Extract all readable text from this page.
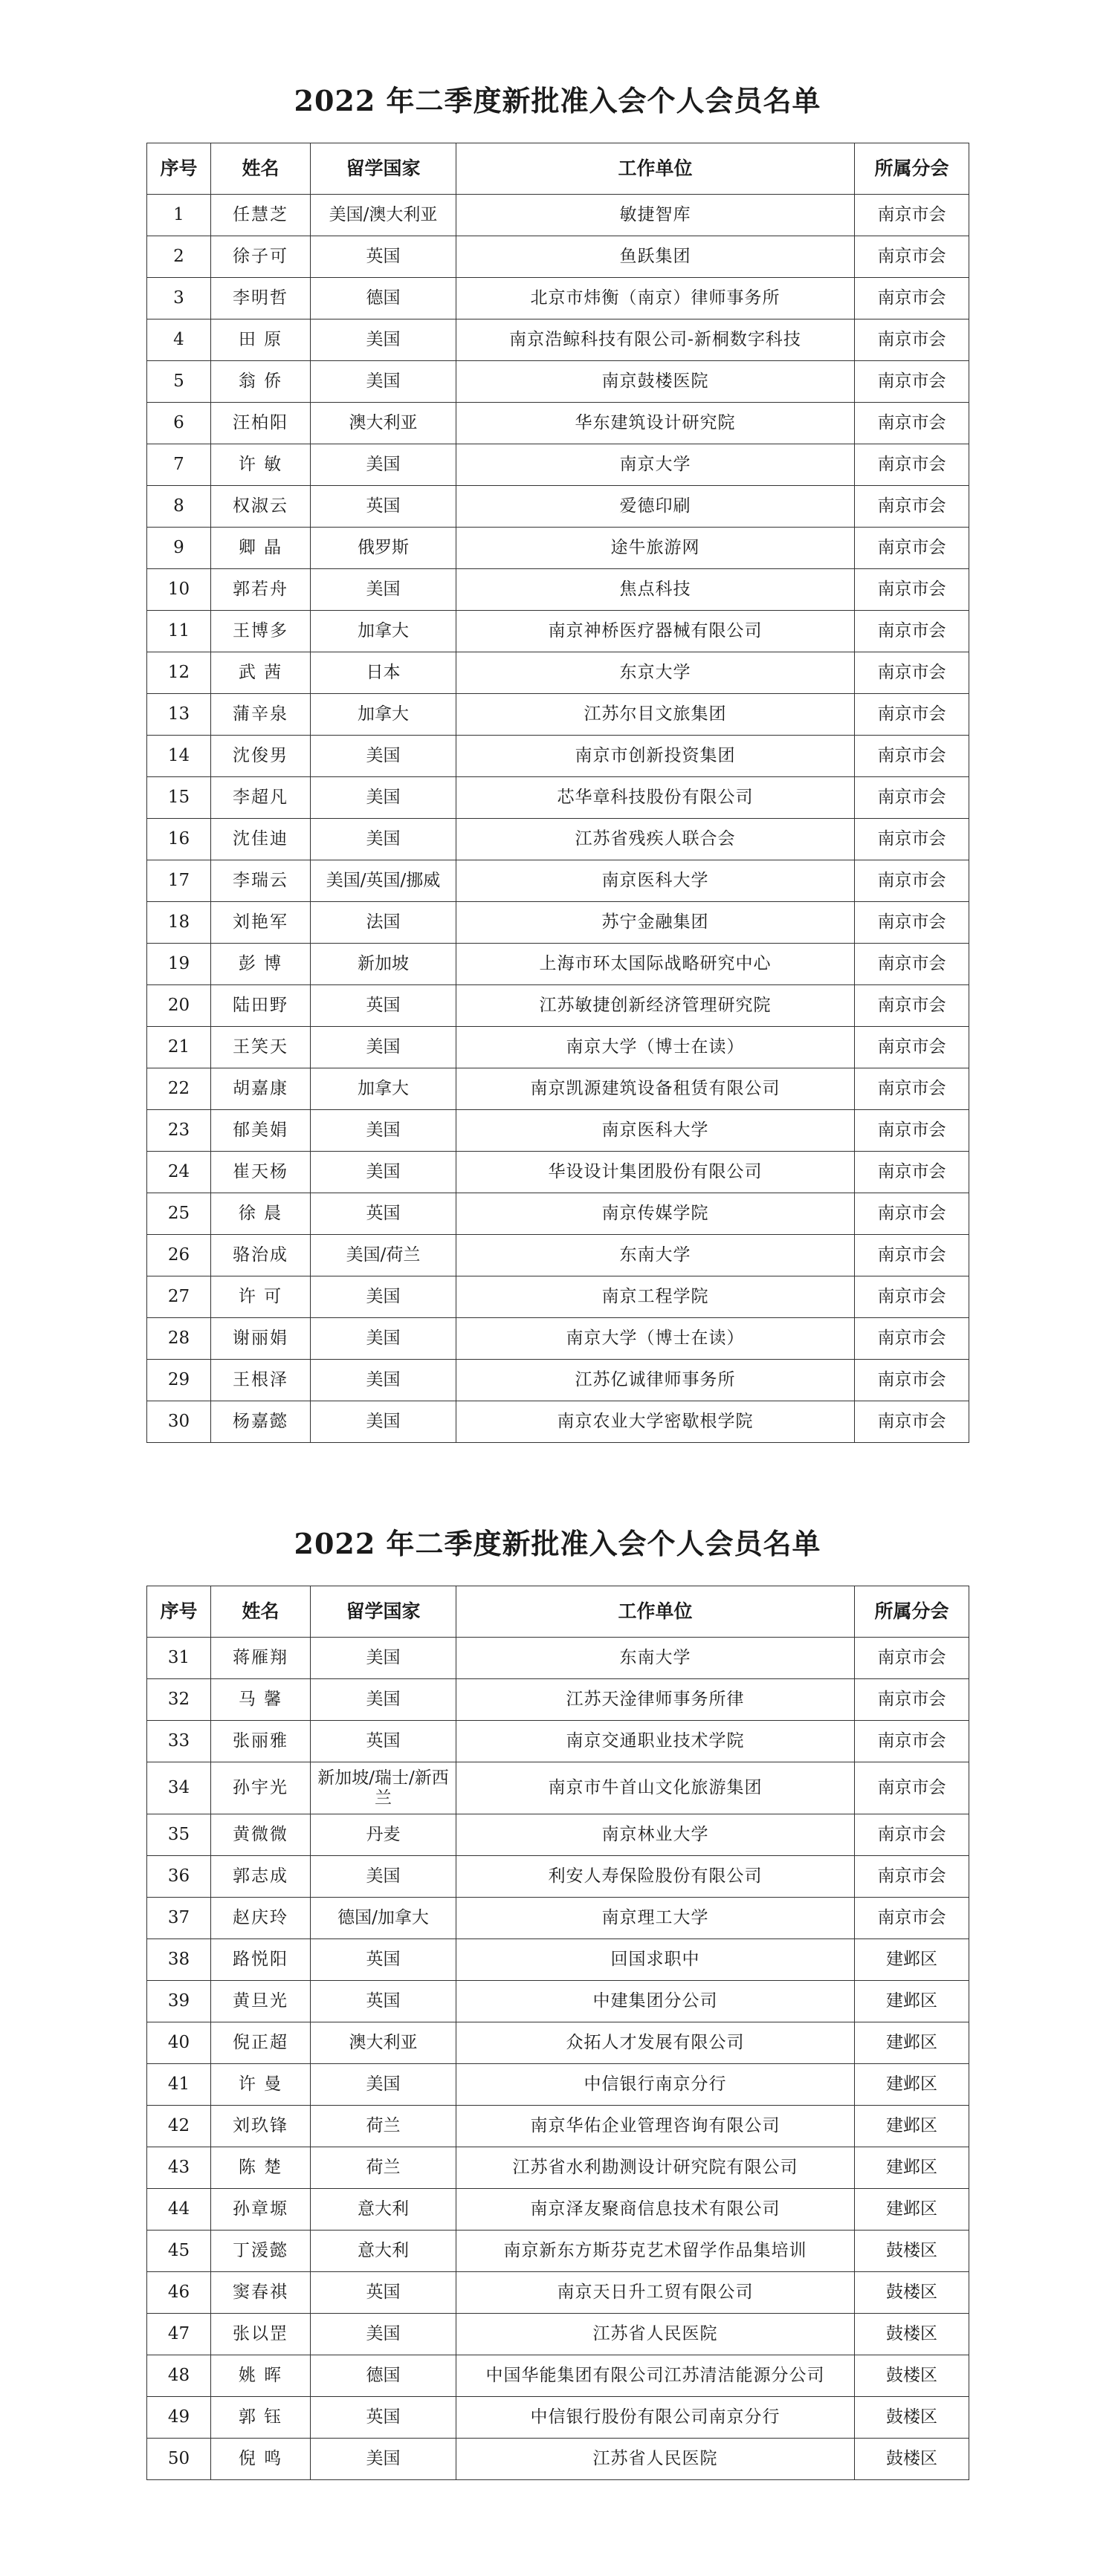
2022 年二季度新批准入会个人会员名单
序号	姓名	留学国家	工作单位	所属分会
1	任慧芝	美国/澳大利亚	敏捷智库	南京市会
2	徐子可	英国	鱼跃集团	南京市会
3	李明哲	德国	北京市炜衡（南京）律师事务所	南京市会
4	田 原	美国	南京浩鲸科技有限公司-新桐数字科技	南京市会
5	翁 侨	美国	南京鼓楼医院	南京市会
6	汪柏阳	澳大利亚	华东建筑设计研究院	南京市会
7	许 敏	美国	南京大学	南京市会
8	权淑云	英国	爱德印刷	南京市会
9	卿 晶	俄罗斯	途牛旅游网	南京市会
10	郭若舟	美国	焦点科技	南京市会
11	王博多	加拿大	南京神桥医疗器械有限公司	南京市会
12	武 茜	日本	东京大学	南京市会
13	蒲辛泉	加拿大	江苏尔目文旅集团	南京市会
14	沈俊男	美国	南京市创新投资集团	南京市会
15	李超凡	美国	芯华章科技股份有限公司	南京市会
16	沈佳迪	美国	江苏省残疾人联合会	南京市会
17	李瑞云	美国/英国/挪威	南京医科大学	南京市会
18	刘艳军	法国	苏宁金融集团	南京市会
19	彭 博	新加坡	上海市环太国际战略研究中心	南京市会
20	陆田野	英国	江苏敏捷创新经济管理研究院	南京市会
21	王笑天	美国	南京大学（博士在读）	南京市会
22	胡嘉康	加拿大	南京凯源建筑设备租赁有限公司	南京市会
23	郁美娟	美国	南京医科大学	南京市会
24	崔天杨	美国	华设设计集团股份有限公司	南京市会
25	徐 晨	英国	南京传媒学院	南京市会
26	骆治成	美国/荷兰	东南大学	南京市会
27	许 可	美国	南京工程学院	南京市会
28	谢丽娟	美国	南京大学（博士在读）	南京市会
29	王根泽	美国	江苏亿诚律师事务所	南京市会
30	杨嘉懿	美国	南京农业大学密歇根学院	南京市会
2022 年二季度新批准入会个人会员名单
序号	姓名	留学国家	工作单位	所属分会
31	蒋雁翔	美国	东南大学	南京市会
32	马 馨	美国	江苏天淦律师事务所律	南京市会
33	张丽雅	英国	南京交通职业技术学院	南京市会
34	孙宇光	新加坡/瑞士/新西兰	南京市牛首山文化旅游集团	南京市会
35	黄微微	丹麦	南京林业大学	南京市会
36	郭志成	美国	利安人寿保险股份有限公司	南京市会
37	赵庆玲	德国/加拿大	南京理工大学	南京市会
38	路悦阳	英国	回国求职中	建邺区
39	黄旦光	英国	中建集团分公司	建邺区
40	倪正超	澳大利亚	众拓人才发展有限公司	建邺区
41	许 曼	美国	中信银行南京分行	建邺区
42	刘玖锋	荷兰	南京华佑企业管理咨询有限公司	建邺区
43	陈 楚	荷兰	江苏省水利勘测设计研究院有限公司	建邺区
44	孙章塬	意大利	南京泽友聚商信息技术有限公司	建邺区
45	丁湲懿	意大利	南京新东方斯芬克艺术留学作品集培训	鼓楼区
46	窦春祺	英国	南京天日升工贸有限公司	鼓楼区
47	张以罡	美国	江苏省人民医院	鼓楼区
48	姚 晖	德国	中国华能集团有限公司江苏清洁能源分公司	鼓楼区
49	郭 钰	英国	中信银行股份有限公司南京分行	鼓楼区
50	倪 鸣	美国	江苏省人民医院	鼓楼区
